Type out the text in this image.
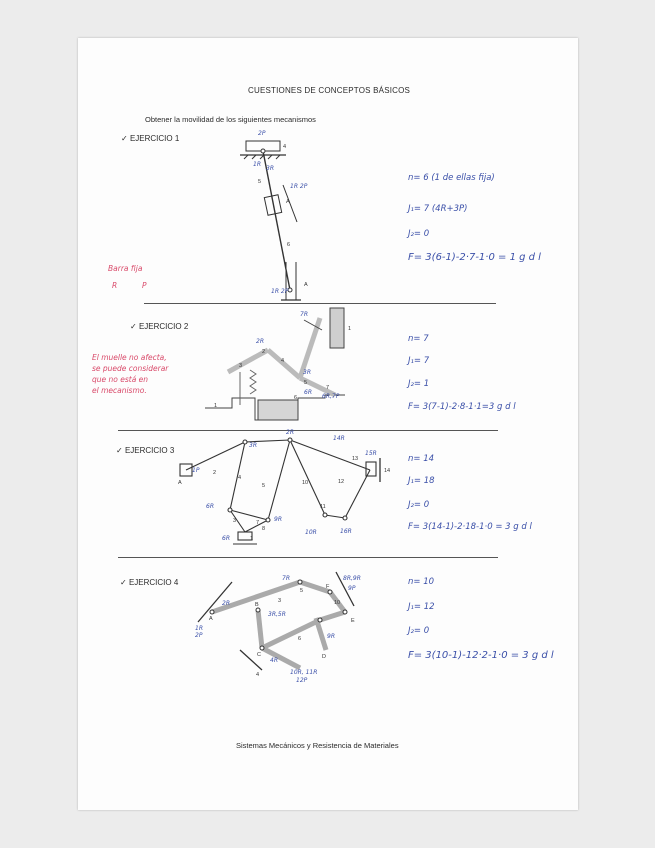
CUESTIONES DE CONCEPTOS BÁSICOS
Obtener la movilidad de los siguientes mecanismos
✓ EJERCICIO 1
2P
4
1R
3R
5
1R 2P
A
6
1R 2P
A
n= 6 (1 de ellas fija)
J₁= 7 (4R+3P)
J₂= 0
F= 3(6-1)-2·7-1·0 = 1 g d l
Barra fija
R	P
✓ EJERCICIO 2	1
7R
2R
2
3
4
3R
5
6R
6
7
6R,7P
1
n= 7
J₁= 7
J₂= 1
F= 3(7-1)-2·8-1·1=3 g d l
El muelle no afecta,
se puede considerar
que no está en
el mecanismo.
✓ EJERCICIO 3
3R
2R
1P 2
4
5	10	12
13
14R
15R
14
6R
9R
10R	16R
11
7
8
6R
3
1
A
n= 14
J₁= 18
J₂= 0
F= 3(14-1)-2·18-1·0 = 3 g d l
✓ EJERCICIO 4
A
1R
2P
B
2R
5
3
3R,5R
6
7R	8R,9R
9P
10
C	D
E
F
4
4R
10R, 11R
12P
9R
n= 10
J₁= 12
J₂= 0
F= 3(10-1)-12·2-1·0 = 3 g d l
Sistemas Mecánicos y Resistencia de Materiales
